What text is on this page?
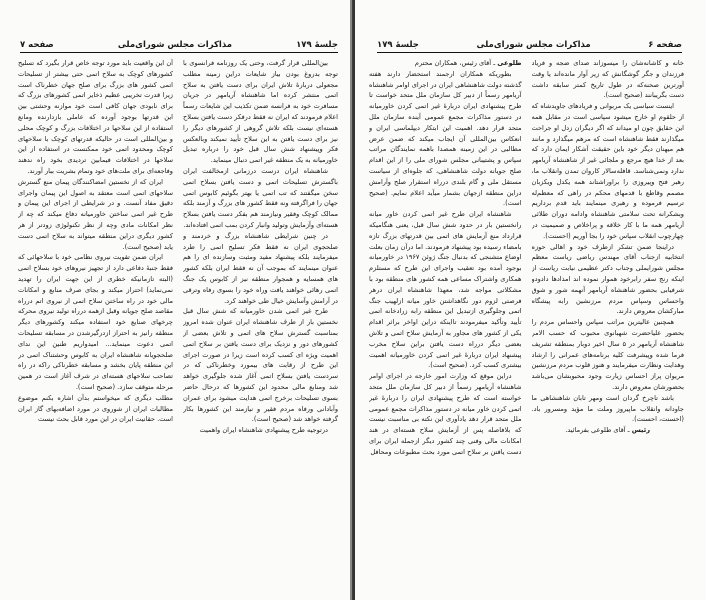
جلسهٔ ۱۷۹
مذاکرات مجلس شورای‌ملی
صفحه ۷

بین‌المللی قرار گرفت، وحتی یک روزنامه فرانسوی با توجه بدروغ بودن بیاز شایعات دراین زمینه مطلب مجعولی دربارهٔ تلاش ایران برای دست یافتن به سلاح اتمی منتشر کرده اما شاهنشاه آریامهر در جریان مسافرت خود به فرانسه ضمن تکذیب این شایعات رسماً اعلام فرمودند که ایران نه فقط درفکر دست یافتن بسلاح هسته‌ای نیست بلکه تلاش گروهی از کشورهای دیگر را نیز برای دست یافتن به این سلاح تأیید نمیکند وبالعکس فکر وپیشنهاد شش سال قبل خود را درباره تبدیل خاورمیانه به یک منطقه غیر اتمی دنبال مینماید.

شاهنشاه ایران درست درزمانی ازمخالفت ایران باگسترش تسلیحات اتمی و دست یافتن بسلاح اتمی سخن میگفتند که تب اتمی یا بهتر بگوئیم کابوس اتمی جهان را فراگرفته ونه فقط کشور های بزرگ و آزمند بلکه ممالک کوچک وفقیر ونیازمند هم بفکر دست یافتن بسلاح هسته‌ای وآزمایش وتولید وانبار کردن بمب اتمی افتاده‌اند.

در چنین شرایطی شاهنشاه بزرگ و خردمند و صلحجوی ایران نه فقط فکر تسلیح اتمی را طرد میفرمایند بلکه پیشنهاد مفید ومثبت وسازنده ای را هم عنوان مینمایند که بموجب آن نه فقط ایران بلکه کشور های همسایه و همجوار منطقه نیز از کابوس یک جنگ اتمی رهائی خواهند یافت وراه خود را بسوی رفاه وترقی در آرامش وآسایش خیال طی خواهند کرد.

طرح غیر اتمی شدن خاورمیانه که شش سال قبل نخستین بار از طرف شاهنشاه ایران عنوان شده امروز بمناسبت گسترش سلاح های اتمی و تلاش بعضی از کشورهای دور و نزدیک برای دست یافتن بر سلاح اتمی اهمیت ویژه ای کسب کرده است زیرا در صورت اجرای این طرح از رقابت های بیمورد وخطرناکی که در سردست یافتن بسلاح اتمی آغاز شده جلوگیری خواهد شد ومنابع مالی محدود این کشورها که درحال حاضر بسوی تسلیحات برخرج اتمی هدایت میشود برای عمران وآبادانی ورفاه مردم فقیر و نیازمند این کشورها بکار گرفته خواهد شد (صحیح است).

درتوجیه طرح پیشنهادی شاهنشاه ایران واهمیت

آن این واقعیت باید مورد توجه خاص قرار بگیرد که تسلیح کشورهای کوچک به سلاح اتمی حتی بیشتر از تسلیحات اتمی کشور های بزرگ برای صلح جهان خطرناک است زیرا قدرت تخریبی عظیم ذخایر اتمی کشورهای بزرگ که برای نابودی جهان کافی است خود موازنه وحشتی بین این قدرتها بوجود آورده که عاملی بازدارنده ومانع استفاده از این سلاحها در اختلافات بزرگ و کوچک محلی و بین‌المللی است در حالیکه قدرتهای کوچک با سلاحهای کوچک ومحدود اتمی خود ممکنست در استفاده از این سلاحها در اختلافات فیمابین تردیدی بخود راه ندهند وفاجعه‌ای برای ملت‌های خود وتمام بشریت ببار آورند.

ایران که از نخستین امضاکنندگان پیمان منع گسترش سلاحهای اتمی است معتقد به اصول این پیمان واجرای دقیق مفاد آنست. و در شرایطی از اجرای این پیمان و طرح غیر اتمی ساختن خاورمیانه دفاع میکند که چه از نظر امکانات مادی وچه از نظر تکنولوژی زودتر از هر کشور دیگری دراین منطقه میتواند به سلاح اتمی دست یابد (صحیح است).

ایران ضمن تقویت نیروی نظامی خود با سلاحهائی که فقط جنبهٔ دفاعی دارد از تجهیز نیروهای خود بسلاح اتمی (البته تازمانیکه خطری از این جهت ایران را تهدید نمی‌نماید) احتراز میکند و بجای صرف منابع و امکانات مالی خود در راه ساختن سلاح اتمی از نیروی اتم درراه مقاصد صلح جویانه وقبل ازهمه درراه تولید نیروی محرکه چرخهای صنایع خود استفاده میکند وکشورهای دیگر منطقه رانیز به احتراز ازدرگیرشدن در مسابقه تسلیحات اتمی دعوت مینماید... امیدواریم طنین این ندای صلحجویانه شاهنشاه ایران به کابوس وحشتناک اتمی در این منطقه پایان بخشد و مسابقه خطرناکی راکه در راه تصاحب سلاحهای هسته‌ای در شرف آغاز است در همین مرحله متوقف سازد. (صحیح است).

مطلب دیگری که میخواستم بدآن اشاره بکنم موضوع مطالبات ایران از شوروی در مورد اضافه‌بهای گاز ایران است. حقانیت ایران در این مورد قابل بحث نیست

صفحه ۶
مذاکرات مجلس شورای‌ملی
جلسهٔ ۱۷۹

خانه و کاشانه‌شان را میسوزاند صدای ضجه و فریاد فرزندان و جگر گوشگانش که زیر آوار مانده‌اند یا وقت آورترین صحنه‌که در طول تاریخ کمتر سابقه داشت دست بگریبانند (صحیح است).

اینست سیاسی یک مربوانی و فریادهای جاویدشاه که از حلقوم او خارج میشود سپاسی است در مقابل همه این حقایق چون او میداند که اگر دیگران زدل او جراحت میگذارند فقط شاهنشاه است که مرهم میگذارد و مانند هم میهنان دیگر خود باین حقیقت آشکار ایمان دارد که بعد از خدا هیچ مرجع و ملجائی غیر از شاهنشاه آریامهر ندارد ونمی‌شناسد. قافله‌سالار کاروان تمدن وانقلاب ما، رهبر فتح وپیروزی را براوراشتاند همه یکدل ویکزبان مصمم وقاطع با قدمهای محکم در راهی که معظم‌له ترسیم فرموده و رهبری مینمایند باید قدم برداریم وبشکرانه تحت سلامتی شاهنشاه وادامه دوران طلائی آریامهر همه ما با کار خلاقه و پراخلاص و صمیمیت در چهارچوب انقلاب سپاس خود را بجا آوریم (احسنت).

دراینجا ضمن تشکر ازطرف خود و اهالی حوزه انتخابیه ازجناب آقای مهندس ریاضی ریاست معظم مجلس شورایملی وجناب دکتر عظیمی نیابت ریاست از اینکه رنج سفر رابرخود هموار نموده اند امدادها دادودو شرفیابی بحضور شاهنشاه آریامهر آنهمه شور و شوق واحساس وسپاس مردم مرزنشین رابه پیشگاه مبارکشان معروض دارند.

همچنین عالیترین مراتب سپاس واحساس مردم را بحضور علیاحضرت شهبانوی محبوب که حسب الامر شاهنشاه آریامهر در ۵ سال اخیر دوبار بمنطقه تشریف فرما شده وپیشرفت کلیه برنامه‌های عمرانی را ارشاد وهدایت ونظارت میفرمایند و هنوز قلوب مردم مرزنشین مریوان پراز احساس زیارت وجود محبوبشان می‌باشد بحضورشان معروض دارند.

باشد تاچرخ گردان است ومهر تابان شاهنشاهی ما جاودانه وانقلاب ماپیروز وملت ما مؤید ومسرور باد. (احسنت، احسنت).

رئیس ـ آقای طلوعی بفرمائید.

طلوعی ـ آقای رئیس، همکاران محترم

بطوریکه همکاران ارجمند استحضار دارند هفته گذشته دولت شاهنشاهی ایران در اجرای اوامر شاهنشاه آریامهر رسماً از دبیر کل سازمان ملل متحد خواست تا طرح پیشنهادی ایران دربارهٔ غیر اتمی کردن خاورمیانه در دستور مذاکرات مجمع عمومی آینده سازمان ملل متحد قرار دهد. اهمیت این ابتکار دیپلماسی ایران و انعکاس بین‌المللی آن ایجاب میکند که ضمن عرض مطالبی در این زمینه همصدا باهمه نمایندگان مراتب سپاس و پشتیبانی مجلس شورای ملی را از این اقدام صلح جویانه دولت شاهنشاهی، که جلوه‌ای از سیاست مستقل ملی و گام بلندی درراه استقرار صلح وآرامش دراین منطقه ازجهان بشمار میآید اعلام نمایم. (صحیح است).

شاهنشاه ایران طرح غیر اتمی کردن خاور میانه رانخستین بار در حدود شش سال قبل، یعنی هنگامیکه قرارداد منع آزمایش های اتمی بین قدرتهای بزرگ تازه بامضاء رسیده بود پیشنهاد فرمودند. اما درآن زمان بعلت اوضاع متشنجی که بدنبال جنگ ژوئن ۱۹۶۷ در خاورمیانه بوجود آمده بود تعقیب واجرای این طرح که مستلزم همکاری واشتراک مساعی همه کشور های منطقه بود با مشکلاتی مواجه شد، معهذا شاهنشاه ایران درهر فرصتی لزوم دور نگاهداشتن خاور میانه ازلهیب جنگ اتمی وجلوگیری ازتبدیل این منطقه رابه زرادخانه اتمی تأیید وتأکید میفرمودند تااینکه دراین اواخر براثر اقدام یکی از کشور های مجاور به آزمایش سلاح اتمی و تلاش بعضی دیگر درراه دست یافتن براین سلاح مخرب پیشنهاد ایران دربارهٔ غیر اتمی کردن خاورمیانه اهمیت بیشتری کسب کرد. (صحیح است).

دراین موقع که وزارت امور خارجه در اجرای اوامر شاهنشاه آریامهر رسماً از دبیر کل سازمان ملل متحد خواسته است که طرح پیشنهادی ایران را دربارهٔ غیر اتمی کردن خاور میانه در دستور مذاکرات مجمع عمومی ملل متحد قرار دهد یادآوری این نکته بی مناسبت نیست که بلافاصله پس از آزمایش سلاح هسته‌ای در هند امکانات مالی وفنی چند کشور دیگر ازجمله ایران برای دست یافتن بر سلاح اتمی مورد بحث مطبوعات ومحافل
